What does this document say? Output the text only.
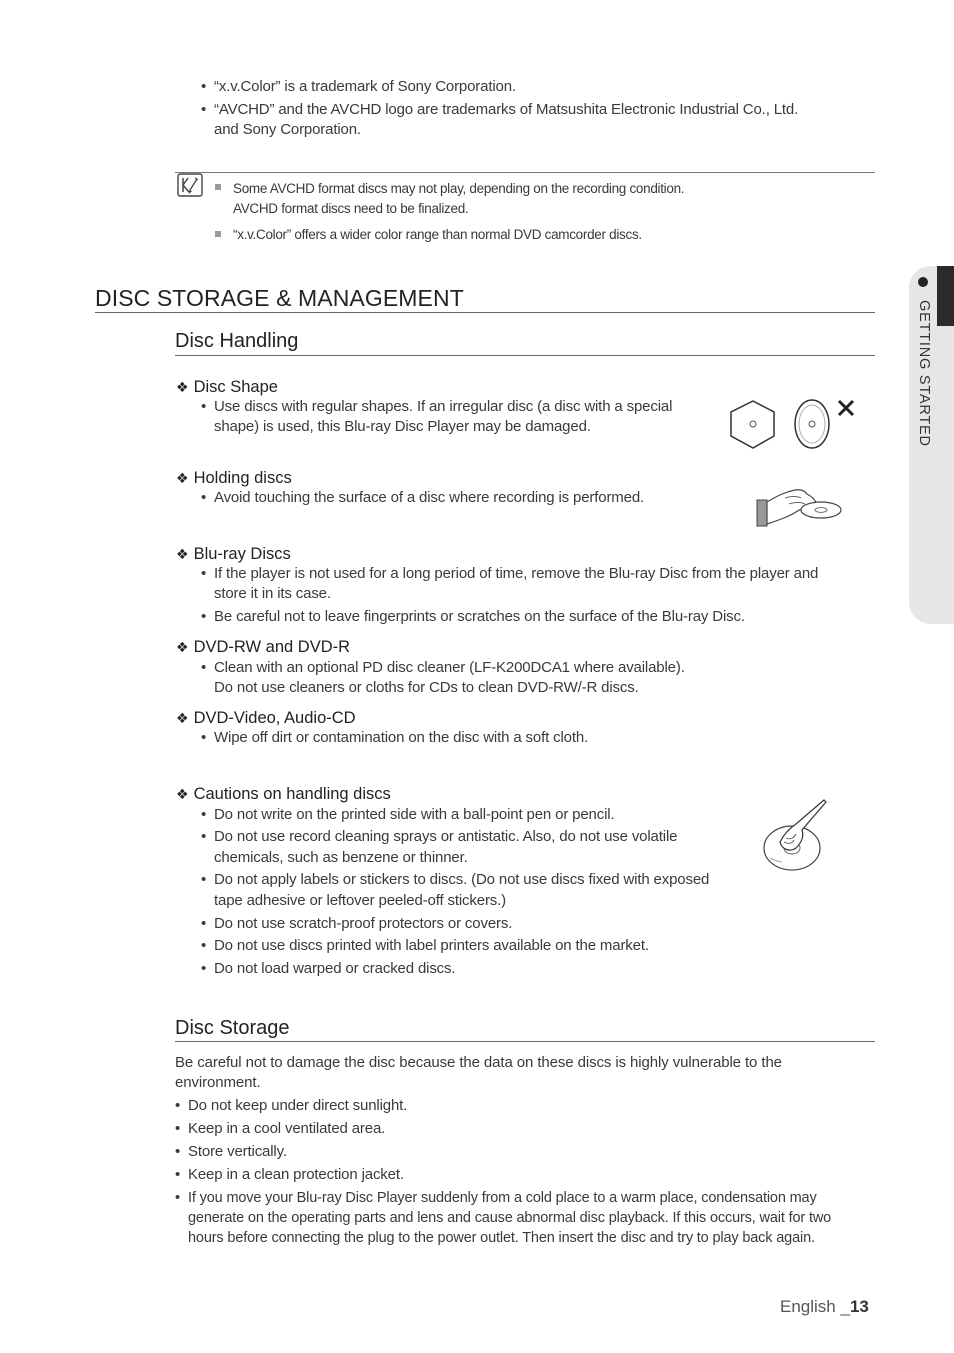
• “x.v.Color” is a trademark of Sony Corporation.
• “AVCHD” and the AVCHD logo are trademarks of Matsushita Electronic Industrial Co., Ltd.
and Sony Corporation.
Some AVCHD format discs may not play, depending on the recording condition.
AVCHD format discs need to be finalized.
“x.v.Color” offers a wider color range than normal DVD camcorder discs.
GETTING STARTED
DISC STORAGE & MANAGEMENT
Disc Handling
❖ Disc Shape
• Use discs with regular shapes. If an irregular disc (a disc with a special
shape) is used, this Blu-ray Disc Player may be damaged.
❖ Holding discs
• Avoid touching the surface of a disc where recording is performed.
❖ Blu-ray Discs
• If the player is not used for a long period of time, remove the Blu-ray Disc from the player and
store it in its case.
• Be careful not to leave fingerprints or scratches on the surface of the Blu-ray Disc.
❖ DVD-RW and DVD-R
• Clean with an optional PD disc cleaner (LF-K200DCA1 where available).
Do not use cleaners or cloths for CDs to clean DVD-RW/-R discs.
❖ DVD-Video, Audio-CD
• Wipe off dirt or contamination on the disc with a soft cloth.
❖ Cautions on handling discs
• Do not write on the printed side with a ball-point pen or pencil.
• Do not use record cleaning sprays or antistatic. Also, do not use volatile
chemicals, such as benzene or thinner.
• Do not apply labels or stickers to discs. (Do not use discs fixed with exposed
tape adhesive or leftover peeled-off stickers.)
• Do not use scratch-proof protectors or covers.
• Do not use discs printed with label printers available on the market.
• Do not load warped or cracked discs.
Disc Storage
Be careful not to damage the disc because the data on these discs is highly vulnerable to the
environment.
• Do not keep under direct sunlight.
• Keep in a cool ventilated area.
• Store vertically.
• Keep in a clean protection jacket.
• If you move your Blu-ray Disc Player suddenly from a cold place to a warm place, condensation may
generate on the operating parts and lens and cause abnormal disc playback. If this occurs, wait for two
hours before connecting the plug to the power outlet. Then insert the disc and try to play back again.
English _13
